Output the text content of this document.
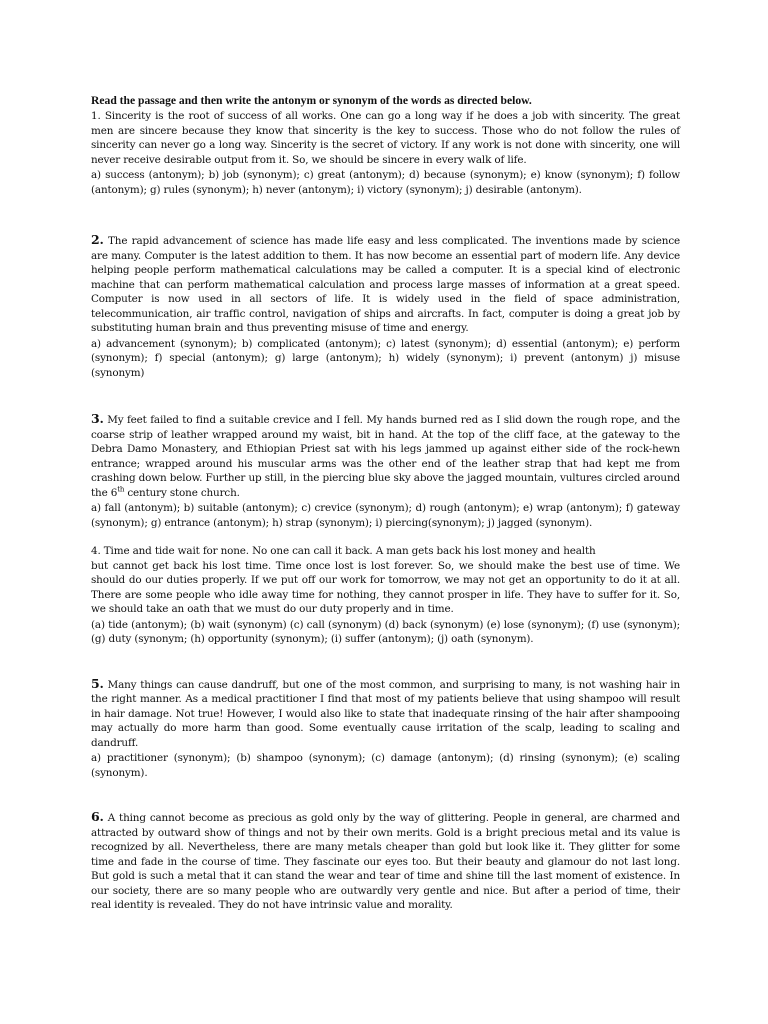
Read the passage and then write the antonym or synonym of the words as directed below.

1. Sincerity is the root of success of all works. One can go a long way if he does a job with sincerity. The great men are sincere because they know that sincerity is the key to success. Those who do not follow the rules of sincerity can never go a long way. Sincerity is the secret of victory. If any work is not done with sincerity, one will never receive desirable output from it. So, we should be sincere in every walk of life.

a) success (antonym); b) job (synonym); c) great (antonym); d) because (synonym); e) know (synonym); f) follow (antonym); g) rules (synonym); h) never (antonym); i) victory (synonym); j) desirable (antonym).

2. The rapid advancement of science has made life easy and less complicated. The inventions made by science are many. Computer is the latest addition to them. It has now become an essential part of modern life. Any device helping people perform mathematical calculations may be called a computer. It is a special kind of electronic machine that can perform mathematical calculation and process large masses of information at a great speed. Computer is now used in all sectors of life. It is widely used in the field of space administration, telecommunication, air traffic control, navigation of ships and aircrafts. In fact, computer is doing a great job by substituting human brain and thus preventing misuse of time and energy.

a) advancement (synonym); b) complicated (antonym); c) latest (synonym); d) essential (antonym); e) perform (synonym); f) special (antonym); g) large (antonym); h) widely (synonym); i) prevent (antonym) j) misuse (synonym)

3. My feet failed to find a suitable crevice and I fell. My hands burned red as I slid down the rough rope, and the coarse strip of leather wrapped around my waist, bit in hand. At the top of the cliff face, at the gateway to the Debra Damo Monastery, and Ethiopian Priest sat with his legs jammed up against either side of the rock-hewn entrance; wrapped around his muscular arms was the other end of the leather strap that had kept me from crashing down below. Further up still, in the piercing blue sky above the jagged mountain, vultures circled around the 6th century stone church.

a) fall (antonym); b) suitable (antonym); c) crevice (synonym); d) rough (antonym); e) wrap (antonym); f) gateway (synonym); g) entrance (antonym); h) strap (synonym); i) piercing(synonym); j) jagged (synonym).

4. Time and tide wait for none. No one can call it back. A man gets back his lost money and health

but cannot get back his lost time. Time once lost is lost forever. So, we should make the best use of time. We should do our duties properly. If we put off our work for tomorrow, we may not get an opportunity to do it at all. There are some people who idle away time for nothing, they cannot prosper in life. They have to suffer for it. So, we should take an oath that we must do our duty properly and in time.

(a) tide (antonym); (b) wait (synonym) (c) call (synonym) (d) back (synonym) (e) lose (synonym); (f) use (synonym); (g) duty (synonym; (h) opportunity (synonym); (i) suffer (antonym); (j) oath (synonym).

5. Many things can cause dandruff, but one of the most common, and surprising to many, is not washing hair in the right manner. As a medical practitioner I find that most of my patients believe that using shampoo will result in hair damage. Not true! However, I would also like to state that inadequate rinsing of the hair after shampooing may actually do more harm than good. Some eventually cause irritation of the scalp, leading to scaling and dandruff.

a) practitioner (synonym); (b) shampoo (synonym); (c) damage (antonym); (d) rinsing (synonym); (e) scaling (synonym).

6. A thing cannot become as precious as gold only by the way of glittering. People in general, are charmed and attracted by outward show of things and not by their own merits. Gold is a bright precious metal and its value is recognized by all. Nevertheless, there are many metals cheaper than gold but look like it. They glitter for some time and fade in the course of time. They fascinate our eyes too. But their beauty and glamour do not last long. But gold is such a metal that it can stand the wear and tear of time and shine till the last moment of existence. In our society, there are so many people who are outwardly very gentle and nice. But after a period of time, their real identity is revealed. They do not have intrinsic value and morality.
